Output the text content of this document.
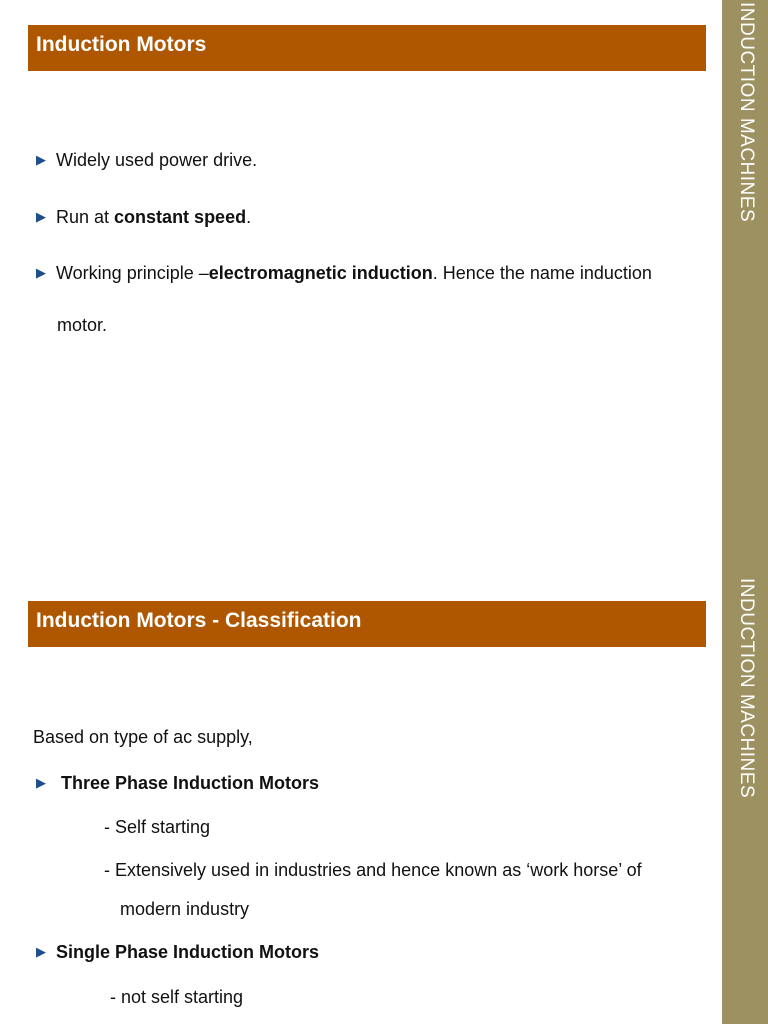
INDUCTION MACHINES
INDUCTION MACHINES
Induction Motors
▶ Widely used power drive.
▶ Run at constant speed.
▶ Working principle –electromagnetic induction. Hence the name induction
motor.
Induction Motors - Classification
Based on type of ac supply,
▶ Three Phase Induction Motors
- Self starting
- Extensively used in industries and hence known as ‘work horse’ of
modern industry
▶ Single Phase Induction Motors
- not self starting
